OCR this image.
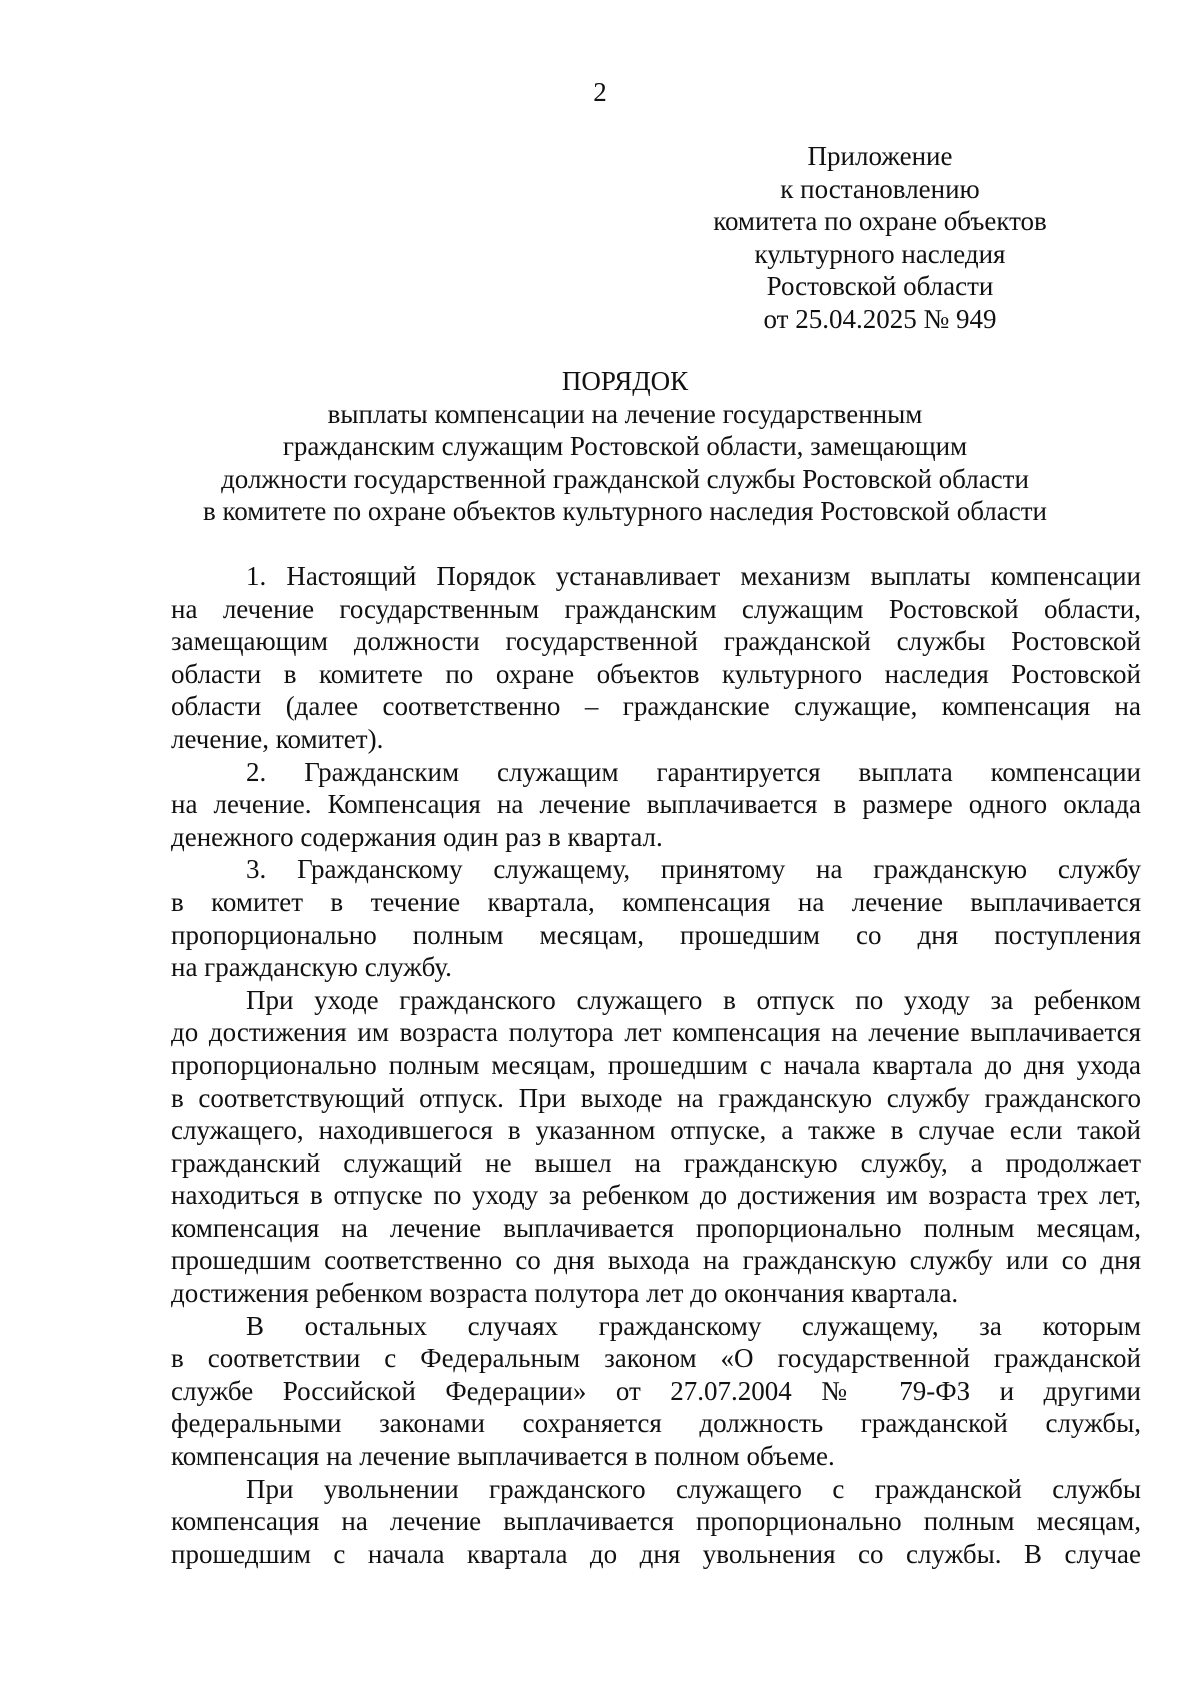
2
Приложение
к постановлению
комитета по охране объектов
культурного наследия
Ростовской области
от 25.04.2025 № 949
ПОРЯДОК
выплаты компенсации на лечение государственным
гражданским служащим Ростовской области, замещающим
должности государственной гражданской службы Ростовской области
в комитете по охране объектов культурного наследия Ростовской области
1. Настоящий Порядок устанавливает механизм выплаты компенсации
на лечение государственным гражданским служащим Ростовской области,
замещающим должности государственной гражданской службы Ростовской
области в комитете по охране объектов культурного наследия Ростовской
области (далее соответственно – гражданские служащие, компенсация на
лечение, комитет).
2. Гражданским служащим гарантируется выплата компенсации
на лечение. Компенсация на лечение выплачивается в размере одного оклада
денежного содержания один раз в квартал.
3. Гражданскому служащему, принятому на гражданскую службу
в комитет в течение квартала, компенсация на лечение выплачивается
пропорционально полным месяцам, прошедшим со дня поступления
на гражданскую службу.
При уходе гражданского служащего в отпуск по уходу за ребенком
до достижения им возраста полутора лет компенсация на лечение выплачивается
пропорционально полным месяцам, прошедшим с начала квартала до дня ухода
в соответствующий отпуск. При выходе на гражданскую службу гражданского
служащего, находившегося в указанном отпуске, а также в случае если такой
гражданский служащий не вышел на гражданскую службу, а продолжает
находиться в отпуске по уходу за ребенком до достижения им возраста трех лет,
компенсация на лечение выплачивается пропорционально полным месяцам,
прошедшим соответственно со дня выхода на гражданскую службу или со дня
достижения ребенком возраста полутора лет до окончания квартала.
В остальных случаях гражданскому служащему, за которым
в соответствии с Федеральным законом «О государственной гражданской
службе Российской Федерации» от 27.07.2004 № 79-ФЗ и другими
федеральными законами сохраняется должность гражданской службы,
компенсация на лечение выплачивается в полном объеме.
При увольнении гражданского служащего с гражданской службы
компенсация на лечение выплачивается пропорционально полным месяцам,
прошедшим с начала квартала до дня увольнения со службы. В случае
